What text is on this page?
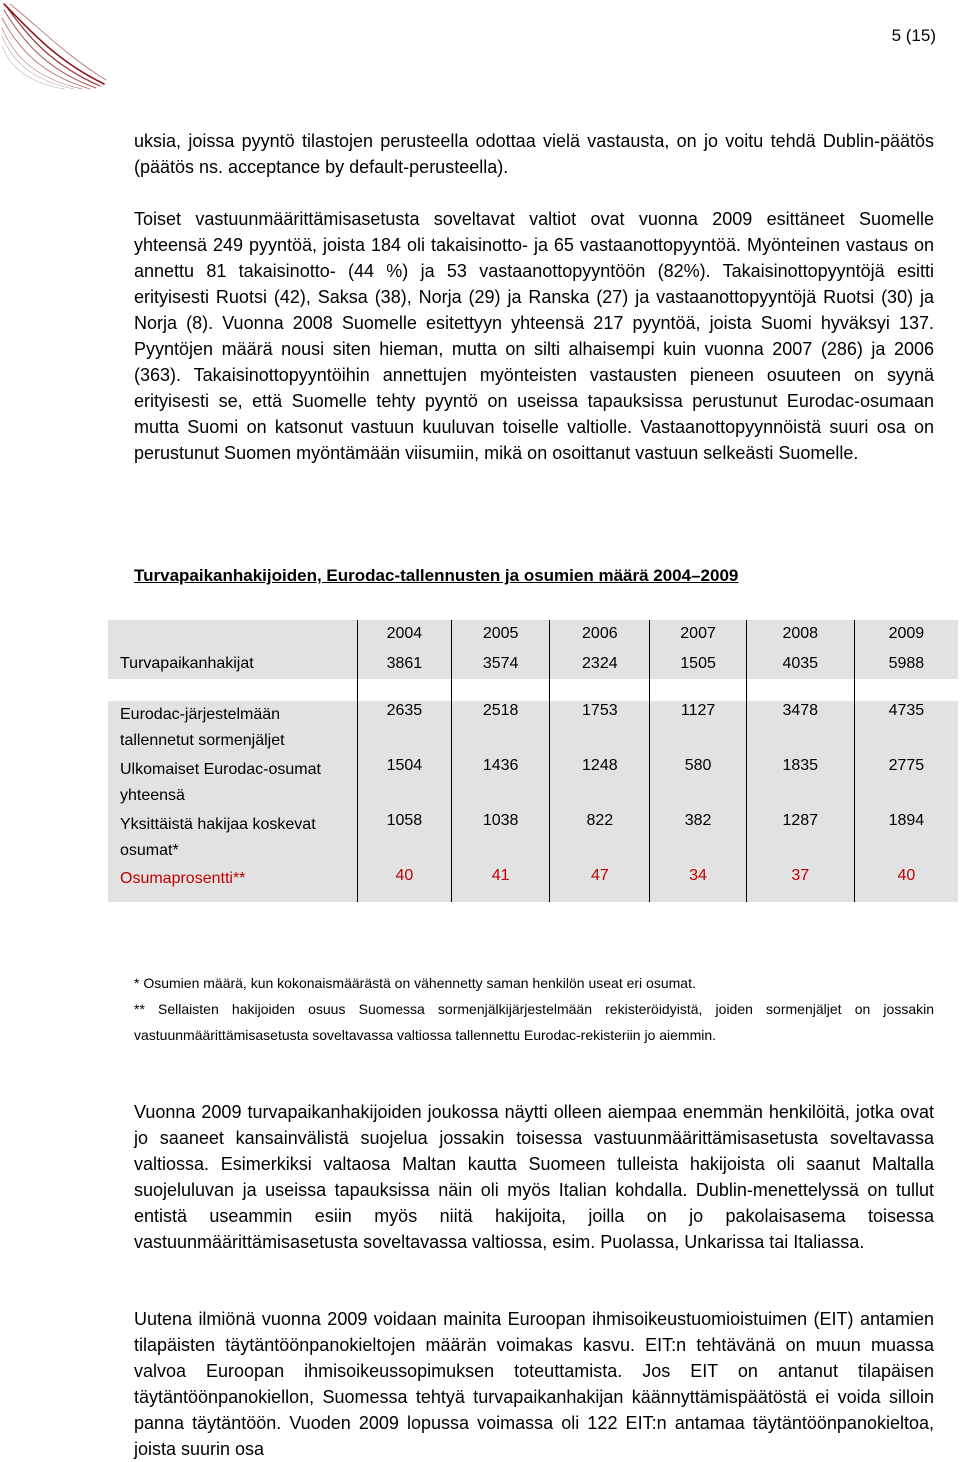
5 (15)

uksia, joissa pyyntö tilastojen perusteella odottaa vielä vastausta, on jo voitu tehdä Dublin-päätös (päätös ns. acceptance by default-perusteella).

Toiset vastuunmäärittämisasetusta soveltavat valtiot ovat vuonna 2009 esittäneet Suomelle yhteensä 249 pyyntöä, joista 184 oli takaisinotto- ja 65 vastaanottopyyntöä. Myönteinen vastaus on annettu 81 takaisinotto- (44 %) ja 53 vastaanottopyyntöön (82%). Takaisinottopyyntöjä esitti erityisesti Ruotsi (42), Saksa (38), Norja (29) ja Ranska (27) ja vastaanottopyyntöjä Ruotsi (30) ja Norja (8). Vuonna 2008 Suomelle esitettyyn yhteensä 217 pyyntöä, joista Suomi hyväksyi 137. Pyyntöjen määrä nousi siten hieman, mutta on silti alhaisempi kuin vuonna 2007 (286) ja 2006 (363). Takaisinottopyyntöihin annettujen myönteisten vastausten pieneen osuuteen on syynä erityisesti se, että Suomelle tehty pyyntö on useissa tapauksissa perustunut Eurodac-osumaan mutta Suomi on katsonut vastuun kuuluvan toiselle valtiolle. Vastaanottopyynnöistä suuri osa on perustunut Suomen myöntämään viisumiin, mikä on osoittanut vastuun selkeästi Suomelle.

Turvapaikanhakijoiden, Eurodac-tallennusten ja osumien määrä 2004–2009

	2004	2005	2006	2007	2008	2009
Turvapaikanhakijat	3861	3574	2324	1505	4035	5988

Eurodac-järjestelmään tallennetut sormenjäljet	2635	2518	1753	1127	3478	4735
Ulkomaiset Eurodac-osumat yhteensä	1504	1436	1248	580	1835	2775
Yksittäistä hakijaa koskevat osumat*	1058	1038	822	382	1287	1894
Osumaprosentti**	40	41	47	34	37	40

* Osumien määrä, kun kokonaismäärästä on vähennetty saman henkilön useat eri osumat.

** Sellaisten hakijoiden osuus Suomessa sormenjälkijärjestelmään rekisteröidyistä, joiden sormenjäljet on jossakin vastuunmäärittämisasetusta soveltavassa valtiossa tallennettu Eurodac-rekisteriin jo aiemmin.

Vuonna 2009 turvapaikanhakijoiden joukossa näytti olleen aiempaa enemmän henkilöitä, jotka ovat jo saaneet kansainvälistä suojelua jossakin toisessa vastuunmäärittämisasetusta soveltavassa valtiossa. Esimerkiksi valtaosa Maltan kautta Suomeen tulleista hakijoista oli saanut Maltalla suojeluluvan ja useissa tapauksissa näin oli myös Italian kohdalla. Dublin-menettelyssä on tullut entistä useammin esiin myös niitä hakijoita, joilla on jo pakolaisasema toisessa vastuunmäärittämisasetusta soveltavassa valtiossa, esim. Puolassa, Unkarissa tai Italiassa.

Uutena ilmiönä vuonna 2009 voidaan mainita Euroopan ihmisoikeustuomioistuimen (EIT) antamien tilapäisten täytäntöönpanokieltojen määrän voimakas kasvu. EIT:n tehtävänä on muun muassa valvoa Euroopan ihmisoikeussopimuksen toteuttamista. Jos EIT on antanut tilapäisen täytäntöönpanokiellon, Suomessa tehtyä turvapaikanhakijan käännyttämispäätöstä ei voida silloin panna täytäntöön. Vuoden 2009 lopussa voimassa oli 122 EIT:n antamaa täytäntöönpanokieltoa, joista suurin osa
